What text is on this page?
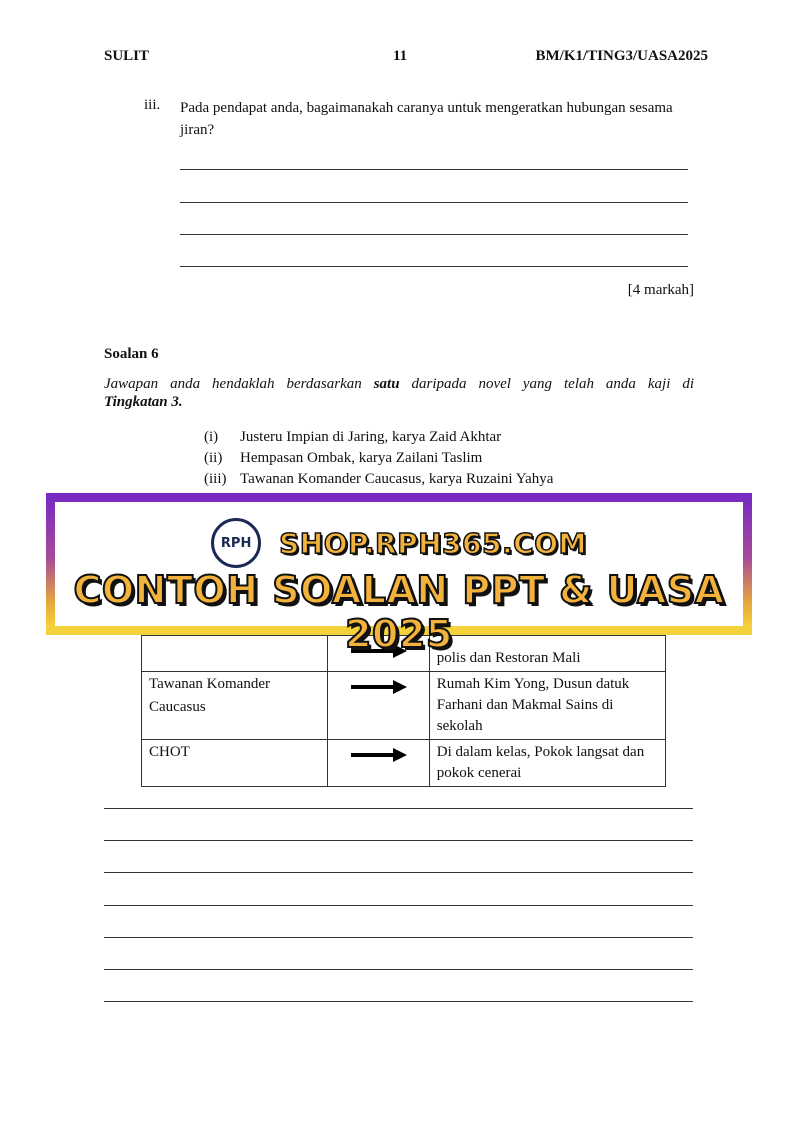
SULIT	11	BM/K1/TING3/UASA2025
iii. Pada pendapat anda, bagaimanakah caranya untuk mengeratkan hubungan sesama jiran?
[4 markah]
Soalan 6
Jawapan anda hendaklah berdasarkan satu daripada novel yang telah anda kaji di
Tingkatan 3.
(i)	Justeru Impian di Jaring, karya Zaid Akhtar
(ii)	Hempasan Ombak, karya Zailani Taslim
(iii) Tawanan Komander Caucasus, karya Ruzaini Yahya

	polis dan Restoran Mali

Tawanan Komander
Caucasus		Rumah Kim Yong, Dusun datuk Farhani dan Makmal Sains di sekolah
CHOT		Di dalam kelas, Pokok langsat dan pokok cenerai
RPH SHOP.RPH365.COM
CONTOH SOALAN PPT & UASA 2025
